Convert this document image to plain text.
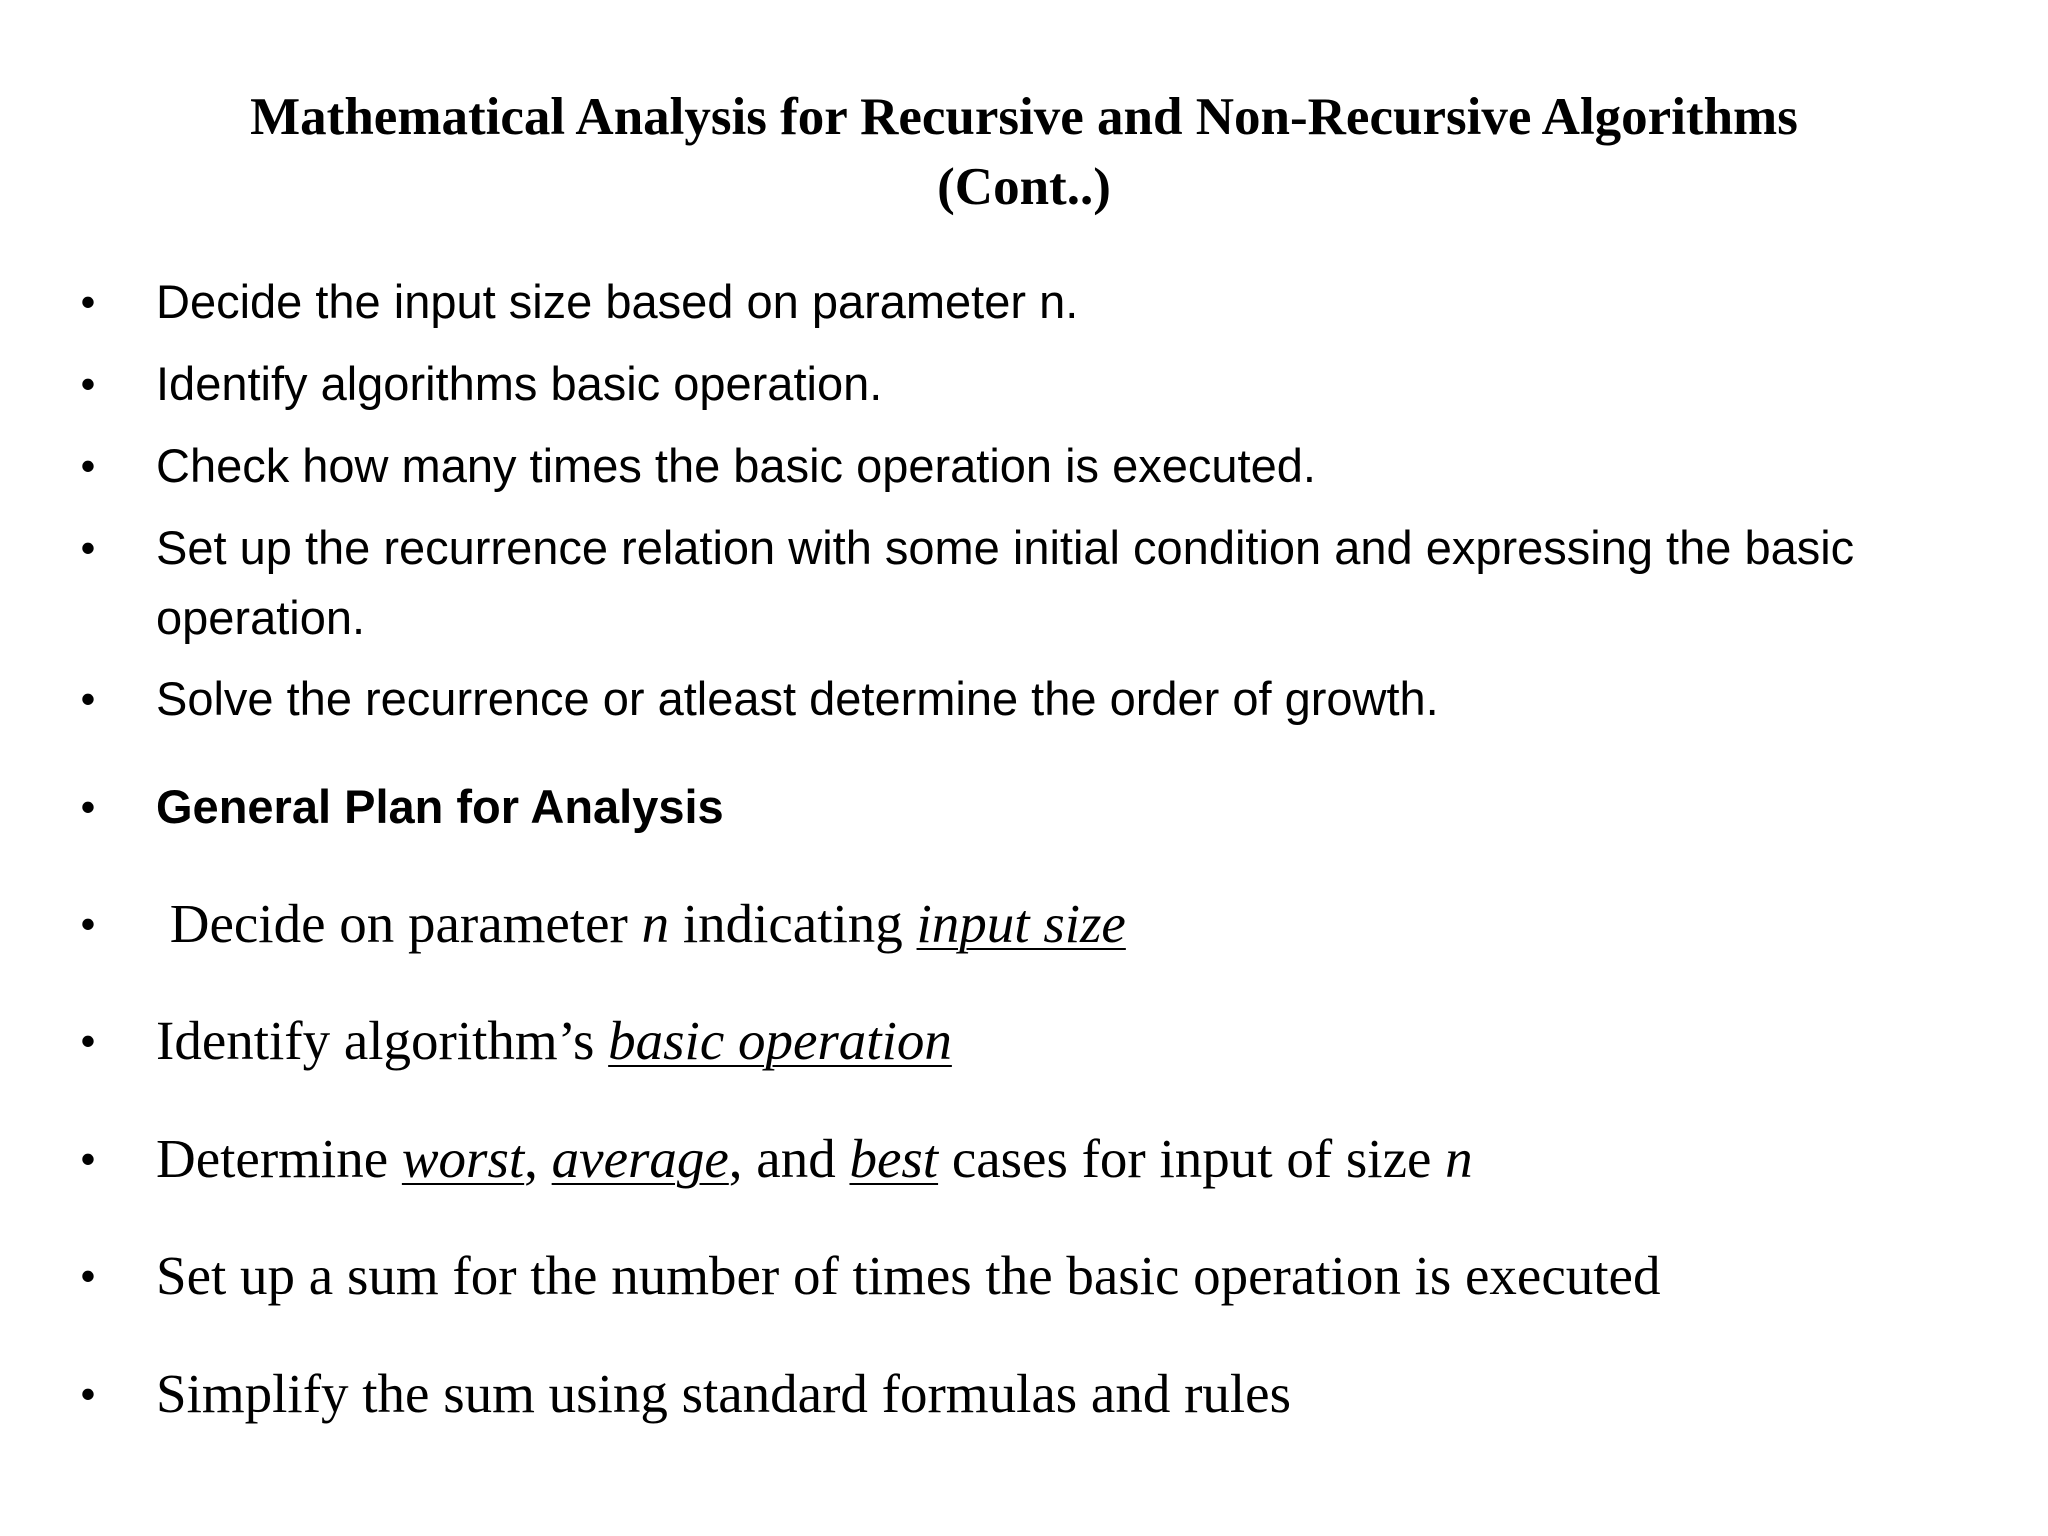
Mathematical Analysis for Recursive and Non-Recursive Algorithms
(Cont..)
• Decide the input size based on parameter n.
• Identify algorithms basic operation.
• Check how many times the basic operation is executed.
• Set up the recurrence relation with some initial condition and expressing the basic operation.
• Solve the recurrence or atleast determine the order of growth.
• General Plan for Analysis
• Decide on parameter n indicating input size
• Identify algorithm’s basic operation
• Determine worst, average, and best cases for input of size n
• Set up a sum for the number of times the basic operation is executed
• Simplify the sum using standard formulas and rules
